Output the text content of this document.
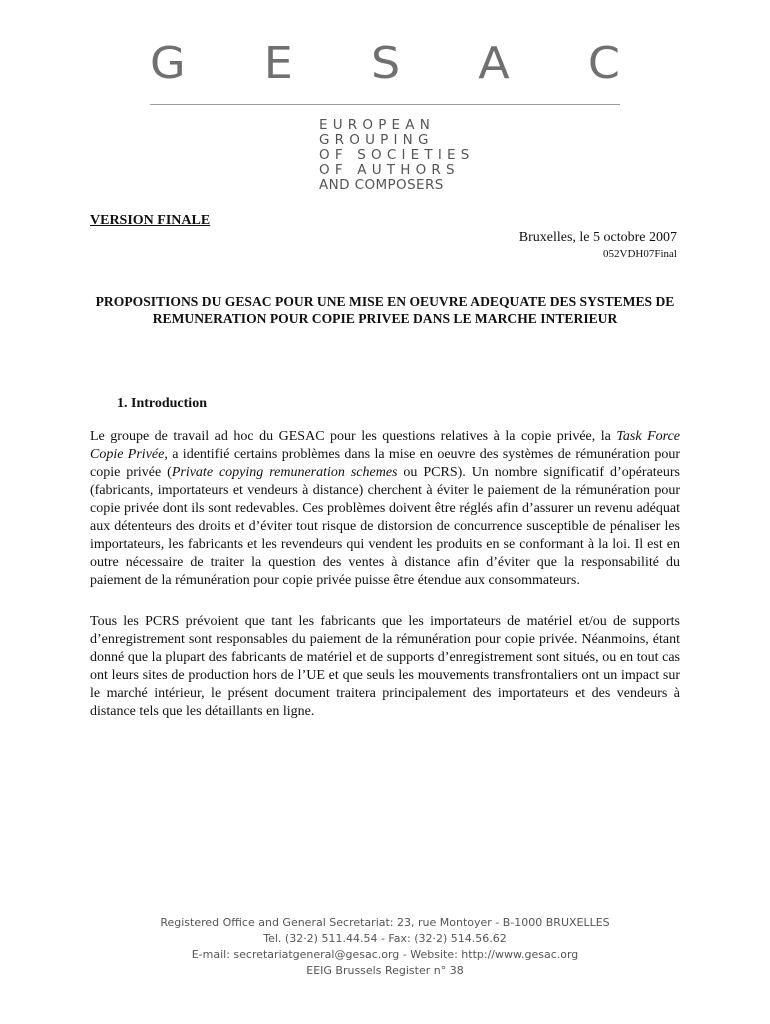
G E S A C
EUROPEAN
GROUPING
OF SOCIETIES
OF AUTHORS
AND COMPOSERS
VERSION FINALE
Bruxelles, le 5 octobre 2007
052VDH07Final
PROPOSITIONS DU GESAC POUR UNE MISE EN OEUVRE ADEQUATE DES SYSTEMES DE REMUNERATION POUR COPIE PRIVEE DANS LE MARCHE INTERIEUR
1. Introduction
Le groupe de travail ad hoc du GESAC pour les questions relatives à la copie privée, la Task Force Copie Privée, a identifié certains problèmes dans la mise en oeuvre des systèmes de rémunération pour copie privée (Private copying remuneration schemes ou PCRS). Un nombre significatif d’opérateurs (fabricants, importateurs et vendeurs à distance) cherchent à éviter le paiement de la rémunération pour copie privée dont ils sont redevables. Ces problèmes doivent être réglés afin d’assurer un revenu adéquat aux détenteurs des droits et d’éviter tout risque de distorsion de concurrence susceptible de pénaliser les importateurs, les fabricants et les revendeurs qui vendent les produits en se conformant à la loi. Il est en outre nécessaire de traiter la question des ventes à distance afin d’éviter que la responsabilité du paiement de la rémunération pour copie privée puisse être étendue aux consommateurs.
Tous les PCRS prévoient que tant les fabricants que les importateurs de matériel et/ou de supports d’enregistrement sont responsables du paiement de la rémunération pour copie privée. Néanmoins, étant donné que la plupart des fabricants de matériel et de supports d’enregistrement sont situés, ou en tout cas ont leurs sites de production hors de l’UE et que seuls les mouvements transfrontaliers ont un impact sur le marché intérieur, le présent document traitera principalement des importateurs et des vendeurs à distance tels que les détaillants en ligne.
Registered Office and General Secretariat: 23, rue Montoyer - B-1000 BRUXELLES
Tel. (32·2) 511.44.54 - Fax: (32·2) 514.56.62
E-mail: secretariatgeneral@gesac.org - Website: http://www.gesac.org
EEIG Brussels Register n° 38
